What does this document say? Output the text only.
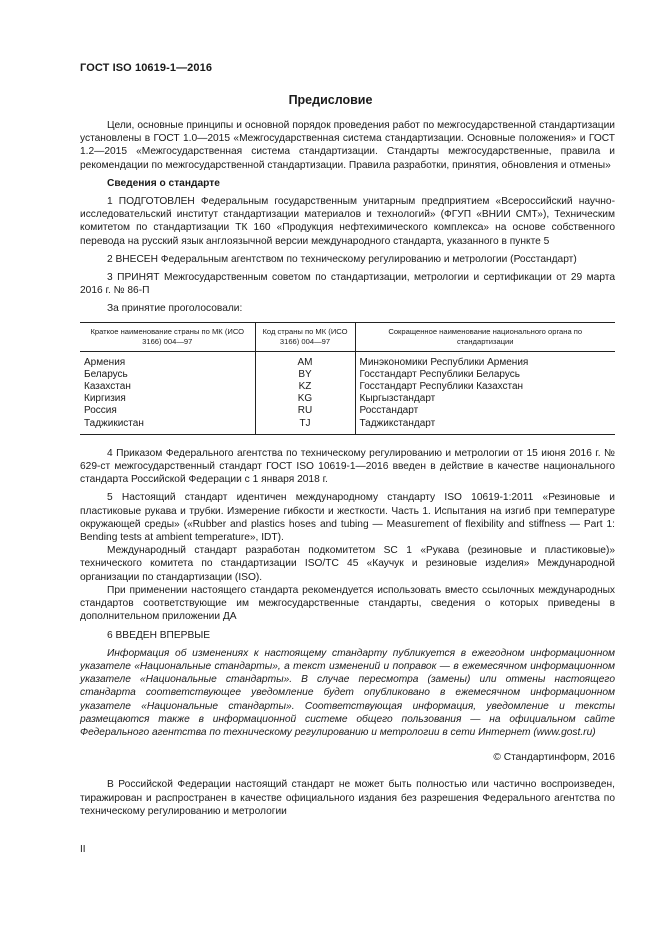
ГОСТ ISO 10619-1—2016
Предисловие

Цели, основные принципы и основной порядок проведения работ по межгосударственной стандартизации установлены в ГОСТ 1.0—2015 «Межгосударственная система стандартизации. Основные положения» и ГОСТ 1.2—2015 «Межгосударственная система стандартизации. Стандарты межгосударственные, правила и рекомендации по межгосударственной стандартизации. Правила разработки, принятия, обновления и отмены»

Сведения о стандарте

1 ПОДГОТОВЛЕН Федеральным государственным унитарным предприятием «Всероссийский научно-исследовательский институт стандартизации материалов и технологий» (ФГУП «ВНИИ СМТ»), Техническим комитетом по стандартизации ТК 160 «Продукция нефтехимического комплекса» на основе собственного перевода на русский язык англоязычной версии международного стандарта, указанного в пункте 5

2 ВНЕСЕН Федеральным агентством по техническому регулированию и метрологии (Росстандарт)

3 ПРИНЯТ Межгосударственным советом по стандартизации, метрологии и сертификации от 29 марта 2016 г. № 86-П

За принятие проголосовали:

Краткое наименование страны по МК (ИСО 3166) 004—97	Код страны по МК (ИСО 3166) 004—97	Сокращенное наименование национального органа по стандартизации
Армения	AM	Минэкономики Республики Армения
Беларусь	BY	Госстандарт Республики Беларусь
Казахстан	KZ	Госстандарт Республики Казахстан
Киргизия	KG	Кыргызстандарт
Россия	RU	Росстандарт
Таджикистан	TJ	Таджикстандарт

4 Приказом Федерального агентства по техническому регулированию и метрологии от 15 июня 2016 г. № 629-ст межгосударственный стандарт ГОСТ ISO 10619-1—2016 введен в действие в качестве национального стандарта Российской Федерации с 1 января 2018 г.

5 Настоящий стандарт идентичен международному стандарту ISO 10619-1:2011 «Резиновые и пластиковые рукава и трубки. Измерение гибкости и жесткости. Часть 1. Испытания на изгиб при температуре окружающей среды» («Rubber and plastics hoses and tubing — Measurement of flexibility and stiffness — Part 1: Bending tests at ambient temperature», IDT).

Международный стандарт разработан подкомитетом SC 1 «Рукава (резиновые и пластиковые)» технического комитета по стандартизации ISO/TC 45 «Каучук и резиновые изделия» Международной организации по стандартизации (ISO).

При применении настоящего стандарта рекомендуется использовать вместо ссылочных международных стандартов соответствующие им межгосударственные стандарты, сведения о которых приведены в дополнительном приложении ДА

6 ВВЕДЕН ВПЕРВЫЕ

Информация об изменениях к настоящему стандарту публикуется в ежегодном информационном указателе «Национальные стандарты», а текст изменений и поправок — в ежемесячном информационном указателе «Национальные стандарты». В случае пересмотра (замены) или отмены настоящего стандарта соответствующее уведомление будет опубликовано в ежемесячном информационном указателе «Национальные стандарты». Соответствующая информация, уведомление и тексты размещаются также в информационной системе общего пользования — на официальном сайте Федерального агентства по техническому регулированию и метрологии в сети Интернет (www.gost.ru)

© Стандартинформ, 2016

В Российской Федерации настоящий стандарт не может быть полностью или частично воспроизведен, тиражирован и распространен в качестве официального издания без разрешения Федерального агентства по техническому регулированию и метрологии

II
